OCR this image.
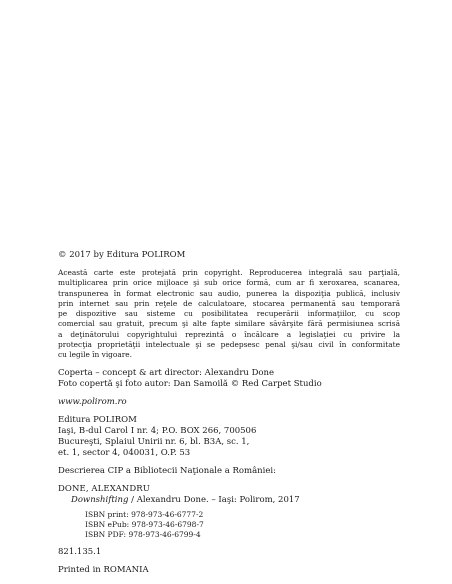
© 2017 by Editura POLIROM
Această carte este protejată prin copyright. Reproducerea integrală sau parţială,
multiplicarea prin orice mijloace şi sub orice formă, cum ar fi xeroxarea, scanarea,
transpunerea în format electronic sau audio, punerea la dispoziţia publică, inclusiv
prin internet sau prin reţele de calculatoare, stocarea permanentă sau temporară
pe dispozitive sau sisteme cu posibilitatea recuperării informaţiilor, cu scop
comercial sau gratuit, precum şi alte fapte similare săvârşite fără permisiunea scrisă
a deţinătorului copyrightului reprezintă o încălcare a legislaţiei cu privire la
protecţia proprietăţii intelectuale şi se pedepsesc penal şi/sau civil în conformitate
cu legile în vigoare.
Coperta – concept & art director: Alexandru Done
Foto copertă şi foto autor: Dan Samoilă © Red Carpet Studio
www.polirom.ro
Editura POLIROM
Iaşi, B-dul Carol I nr. 4; P.O. BOX 266, 700506
Bucureşti, Splaiul Unirii nr. 6, bl. B3A, sc. 1,
et. 1, sector 4, 040031, O.P. 53
Descrierea CIP a Bibliotecii Naţionale a României:
DONE, ALEXANDRU
Downshifting / Alexandru Done. – Iaşi: Polirom, 2017
ISBN print: 978-973-46-6777-2
ISBN ePub: 978-973-46-6798-7
ISBN PDF: 978-973-46-6799-4
821.135.1
Printed in ROMANIA
